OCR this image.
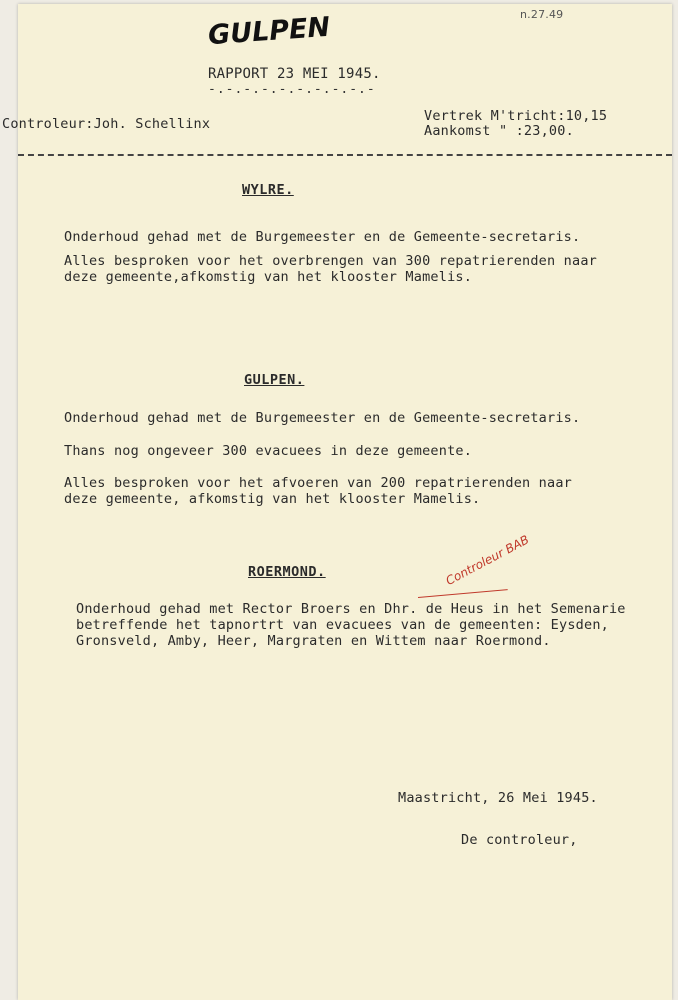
n.27.49
GULPEN
RAPPORT 23 MEI 1945.
-.-.-.-.-.-.-.-.-.-
Controleur:Joh. Schellinx	Vertrek M'tricht:10,15
Aankomst " :23,00.
WYLRE.
Onderhoud gehad met de Burgemeester en de Gemeente-secretaris.
Alles besproken voor het overbrengen van 300 repatrierenden naar
deze gemeente,afkomstig van het klooster Mamelis.
GULPEN.
Onderhoud gehad met de Burgemeester en de Gemeente-secretaris.
Thans nog ongeveer 300 evacuees in deze gemeente.
Alles besproken voor het afvoeren van 200 repatrierenden naar
deze gemeente, afkomstig van het klooster Mamelis.
Controleur BAB
ROERMOND.
Onderhoud gehad met Rector Broers en Dhr. de Heus in het Semenarie
betreffende het tapnortrt van evacuees van de gemeenten: Eysden,
Gronsveld, Amby, Heer, Margraten en Wittem naar Roermond.
Maastricht, 26 Mei 1945.
De controleur,
